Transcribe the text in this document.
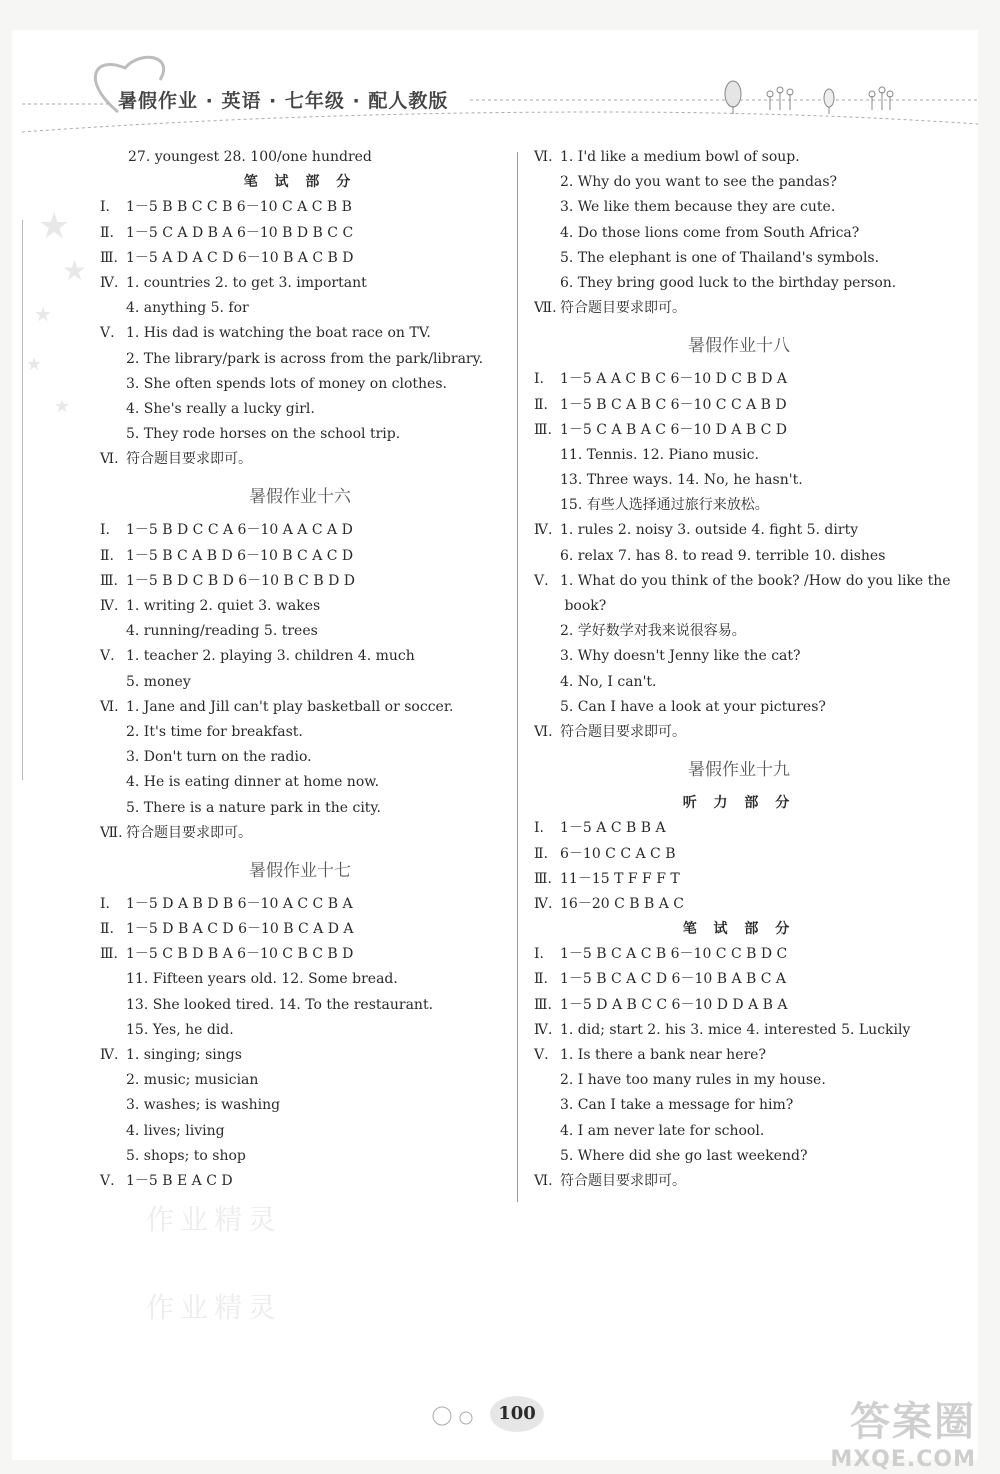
暑假作业 · 英语 · 七年级 · 配人教版
★
★
★
★
★
27. youngest 28. 100/one hundred
笔 试 部 分
Ⅰ. 1－5 B B C C B 6－10 C A C B B
Ⅱ. 1－5 C A D B A 6－10 B D B C C
Ⅲ. 1－5 A D A C D 6－10 B A C B D
Ⅳ. 1. countries 2. to get 3. important
4. anything 5. for
Ⅴ. 1. His dad is watching the boat race on TV.
2. The library/park is across from the park/library.
3. She often spends lots of money on clothes.
4. She's really a lucky girl.
5. They rode horses on the school trip.
Ⅵ. 符合题目要求即可。
暑假作业十六
Ⅰ. 1－5 B D C C A 6－10 A A C A D
Ⅱ. 1－5 B C A B D 6－10 B C A C D
Ⅲ. 1－5 B D C B D 6－10 B C B D D
Ⅳ. 1. writing 2. quiet 3. wakes
4. running/reading 5. trees
Ⅴ. 1. teacher 2. playing 3. children 4. much
5. money
Ⅵ. 1. Jane and Jill can't play basketball or soccer.
2. It's time for breakfast.
3. Don't turn on the radio.
4. He is eating dinner at home now.
5. There is a nature park in the city.
Ⅶ. 符合题目要求即可。
暑假作业十七
Ⅰ. 1－5 D A B D B 6－10 A C C B A
Ⅱ. 1－5 D B A C D 6－10 B C A D A
Ⅲ. 1－5 C B D B A 6－10 C B C B D
11. Fifteen years old. 12. Some bread.
13. She looked tired. 14. To the restaurant.
15. Yes, he did.
Ⅳ. 1. singing; sings
2. music; musician
3. washes; is washing
4. lives; living
5. shops; to shop
Ⅴ. 1－5 B E A C D
Ⅵ. 1. I'd like a medium bowl of soup.
2. Why do you want to see the pandas?
3. We like them because they are cute.
4. Do those lions come from South Africa?
5. The elephant is one of Thailand's symbols.
6. They bring good luck to the birthday person.
Ⅶ. 符合题目要求即可。
暑假作业十八
Ⅰ. 1－5 A A C B C 6－10 D C B D A
Ⅱ. 1－5 B C A B C 6－10 C C A B D
Ⅲ. 1－5 C A B A C 6－10 D A B C D
11. Tennis. 12. Piano music.
13. Three ways. 14. No, he hasn't.
15. 有些人选择通过旅行来放松。
Ⅳ. 1. rules 2. noisy 3. outside 4. fight 5. dirty
6. relax 7. has 8. to read 9. terrible 10. dishes
Ⅴ. 1. What do you think of the book? /How do you like the
book?
2. 学好数学对我来说很容易。
3. Why doesn't Jenny like the cat?
4. No, I can't.
5. Can I have a look at your pictures?
Ⅵ. 符合题目要求即可。
暑假作业十九
听 力 部 分
Ⅰ. 1－5 A C B B A
Ⅱ. 6－10 C C A C B
Ⅲ. 11－15 T F F F T
Ⅳ. 16－20 C B B A C
笔 试 部 分
Ⅰ. 1－5 B C A C B 6－10 C C B D C
Ⅱ. 1－5 B C A C D 6－10 B A B C A
Ⅲ. 1－5 D A B C C 6－10 D D A B A
Ⅳ. 1. did; start 2. his 3. mice 4. interested 5. Luckily
Ⅴ. 1. Is there a bank near here?
2. I have too many rules in my house.
3. Can I take a message for him?
4. I am never late for school.
5. Where did she go last weekend?
Ⅵ. 符合题目要求即可。
作业精灵
作业精灵
100	答案圈
MXQE.COM
